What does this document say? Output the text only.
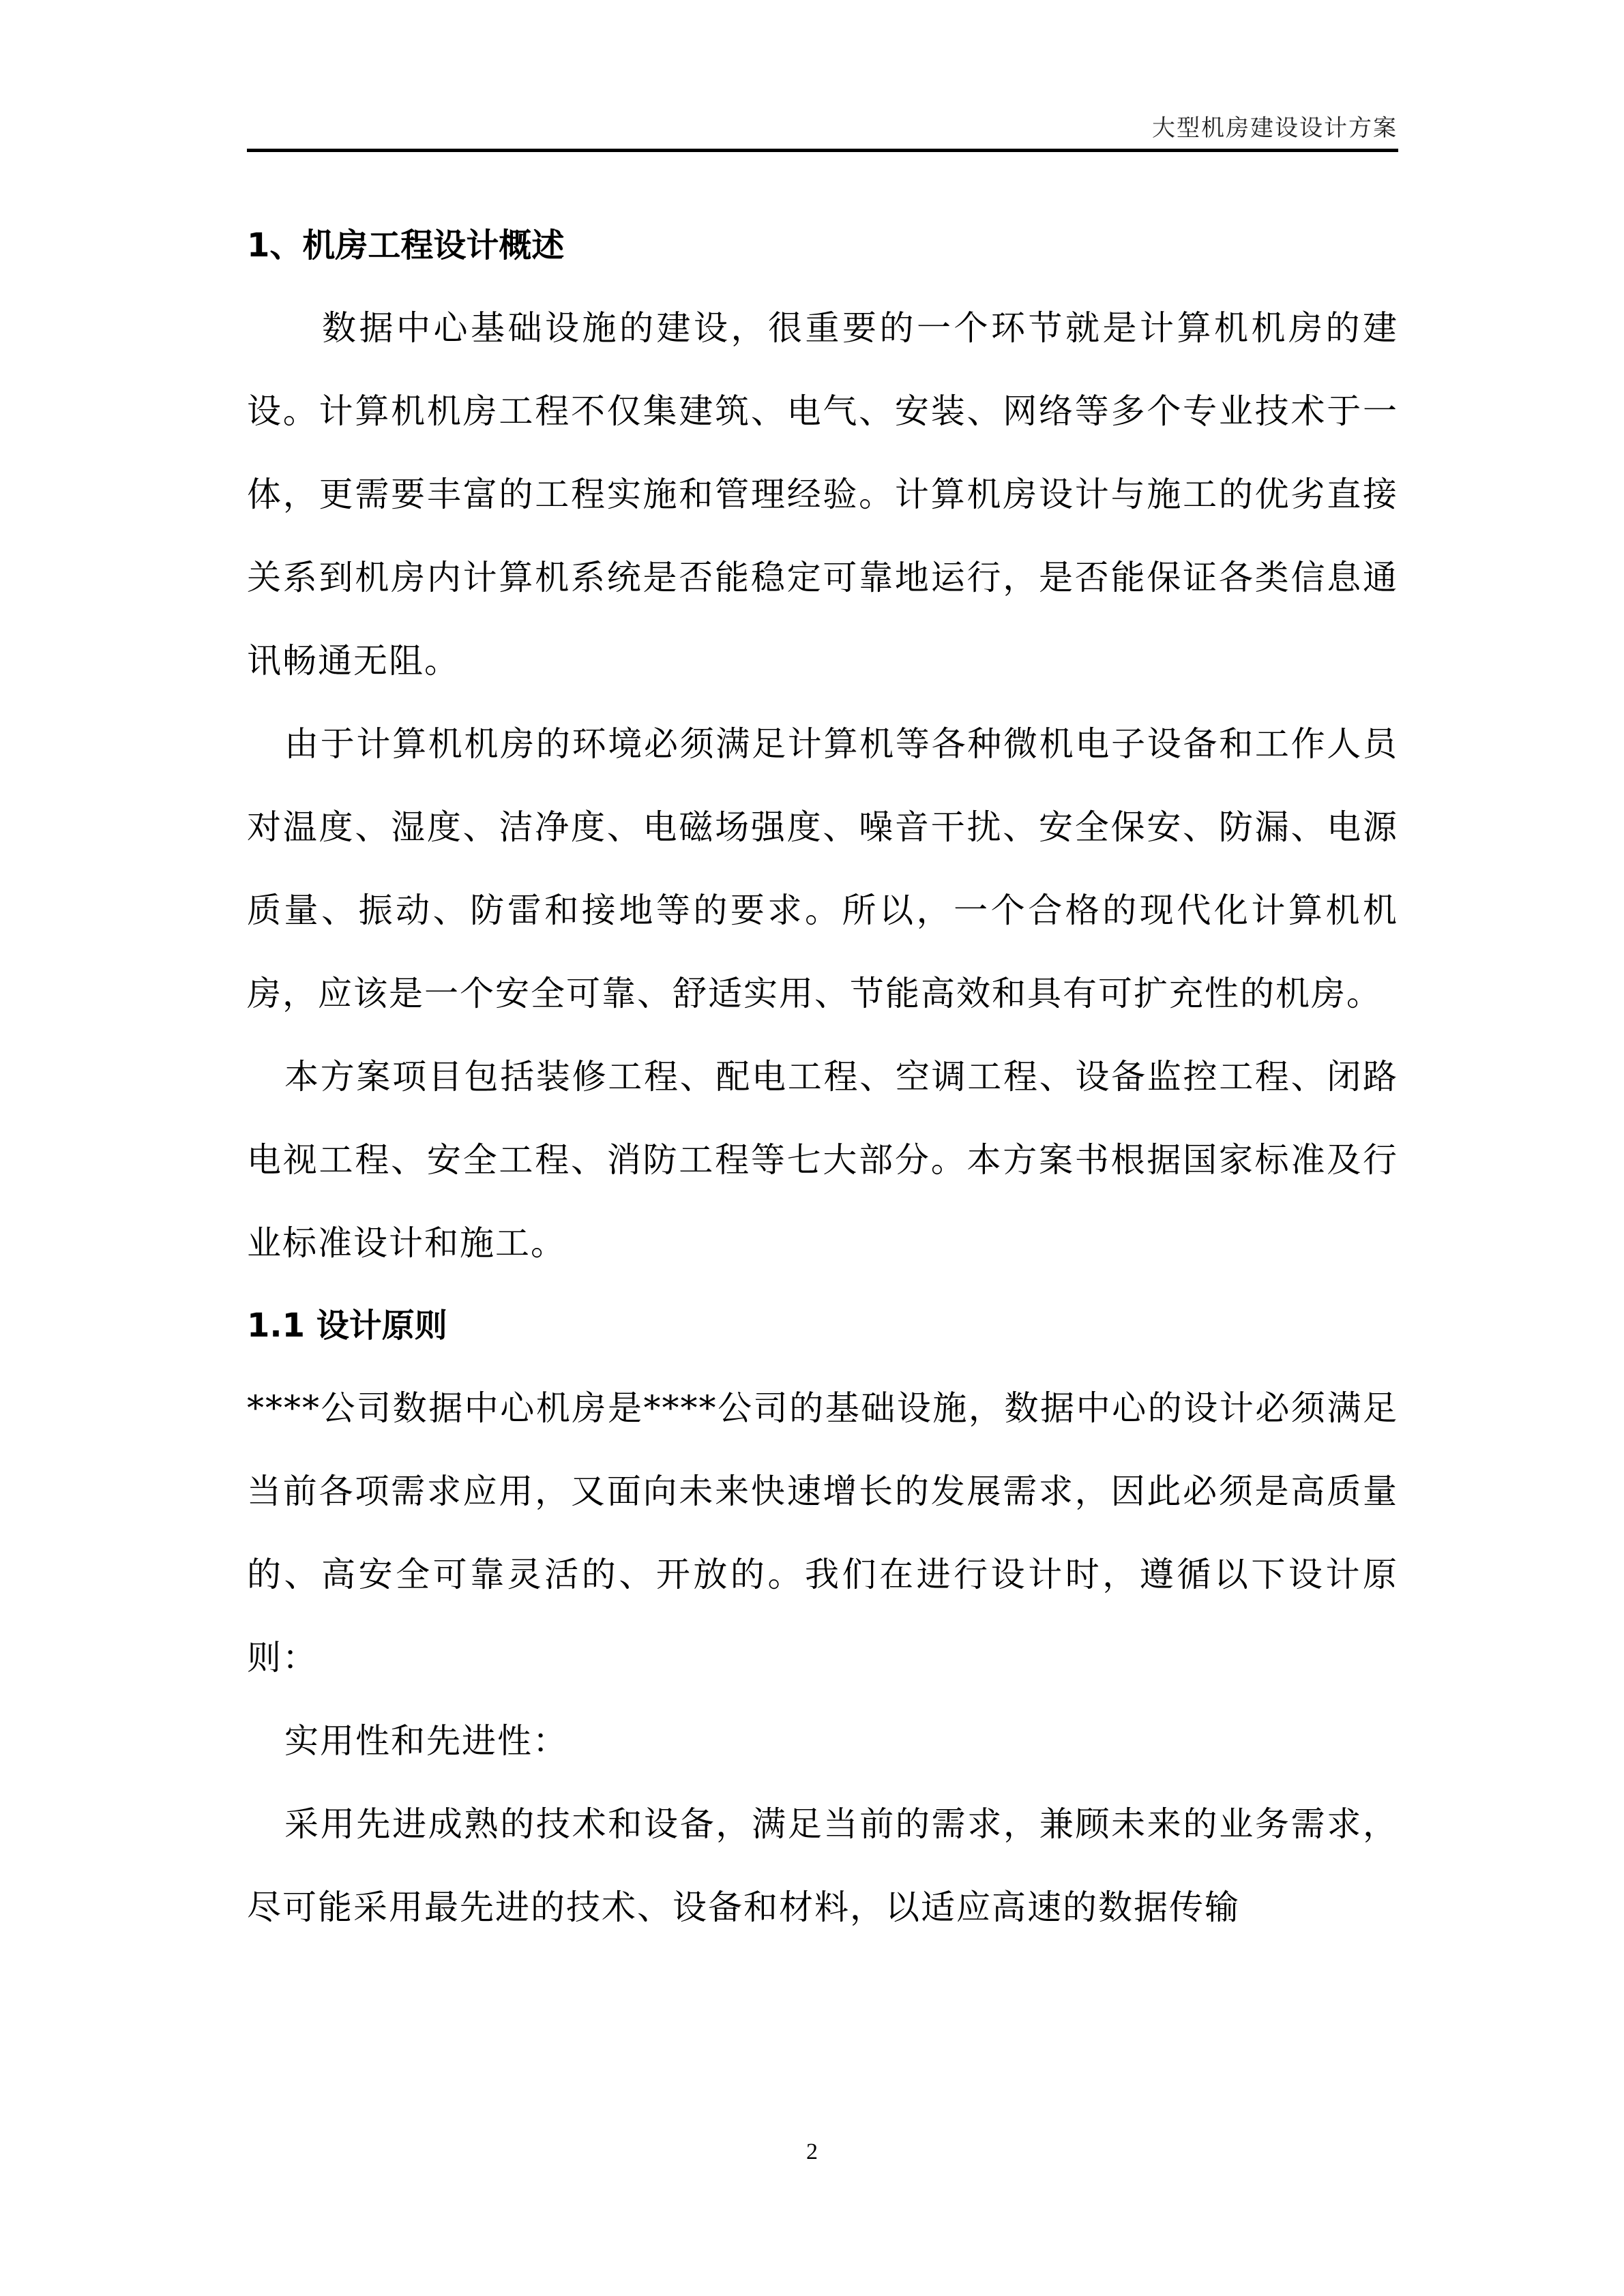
大型机房建设设计方案
1、机房工程设计概述

数据中心基础设施的建设，很重要的一个环节就是计算机机房的建设。计算机机房工程不仅集建筑、电气、安装、网络等多个专业技术于一体，更需要丰富的工程实施和管理经验。计算机房设计与施工的优劣直接关系到机房内计算机系统是否能稳定可靠地运行，是否能保证各类信息通讯畅通无阻。

由于计算机机房的环境必须满足计算机等各种微机电子设备和工作人员对温度、湿度、洁净度、电磁场强度、噪音干扰、安全保安、防漏、电源质量、振动、防雷和接地等的要求。所以，一个合格的现代化计算机机房，应该是一个安全可靠、舒适实用、节能高效和具有可扩充性的机房。

本方案项目包括装修工程、配电工程、空调工程、设备监控工程、闭路电视工程、安全工程、消防工程等七大部分。本方案书根据国家标准及行业标准设计和施工。

1.1 设计原则

****公司数据中心机房是****公司的基础设施，数据中心的设计必须满足当前各项需求应用，又面向未来快速增长的发展需求，因此必须是高质量的、高安全可靠灵活的、开放的。我们在进行设计时，遵循以下设计原则：

实用性和先进性：

采用先进成熟的技术和设备，满足当前的需求，兼顾未来的业务需求，尽可能采用最先进的技术、设备和材料，以适应高速的数据传输

2
